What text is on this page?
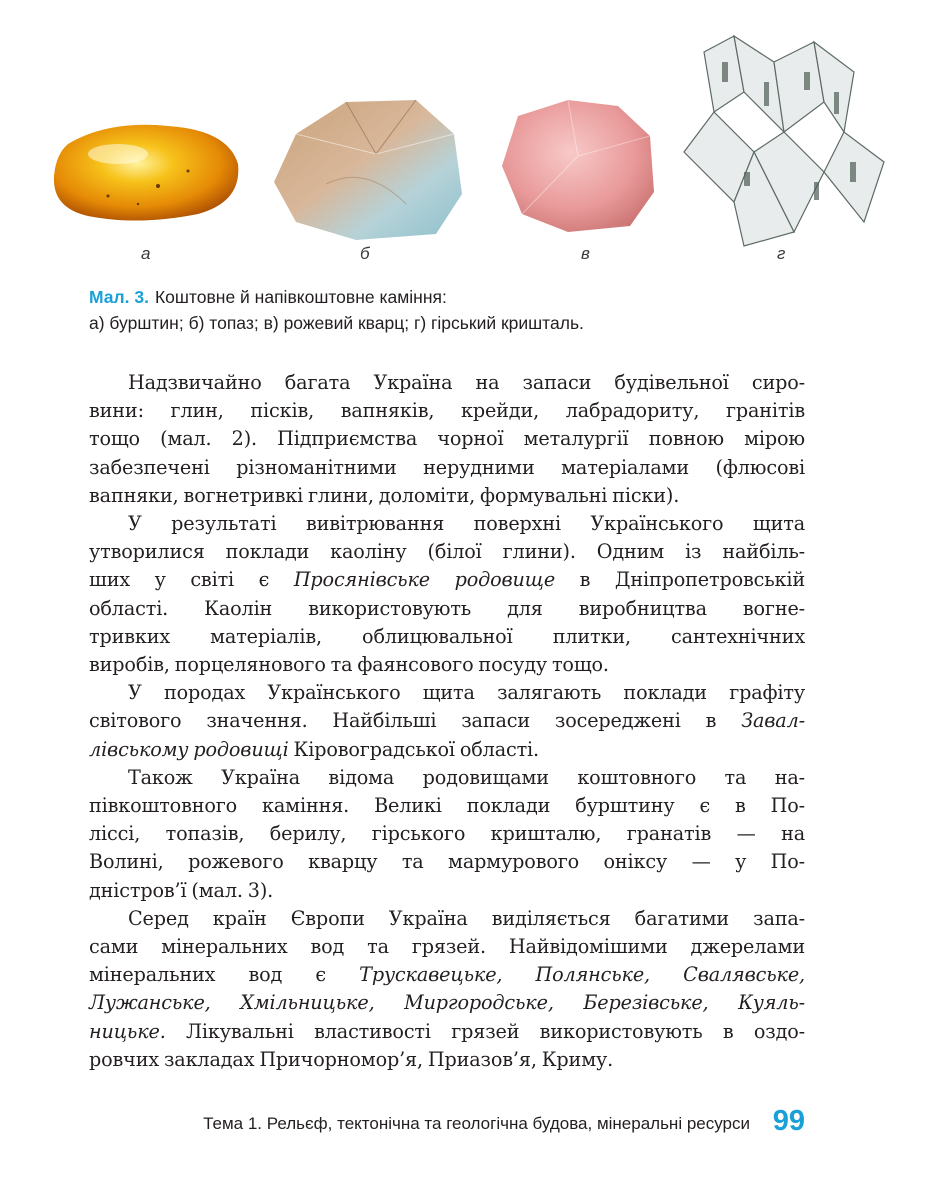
а	б	в	г
Мал. 3. Коштовне й напівкоштовне каміння:
а) бурштин; б) топаз; в) рожевий кварц; г) гірський кришталь.

Надзвичайно багата Україна на запаси будівельної сиро-
вини: глин, пісків, вапняків, крейди, лабрадориту, гранітів
тощо (мал. 2). Підприємства чорної металургії повною мірою
забезпечені різноманітними нерудними матеріалами (флюсові
вапняки, вогнетривкі глини, доломіти, формувальні піски).

У результаті вивітрювання поверхні Українського щита
утворилися поклади каоліну (білої глини). Одним із найбіль-
ших у світі є Просянівське родовище в Дніпропетровській
області. Каолін використовують для виробництва вогне-
тривких матеріалів, облицювальної плитки, сантехнічних
виробів, порцелянового та фаянсового посуду тощо.

У породах Українського щита залягають поклади графіту
світового значення. Найбільші запаси зосереджені в Завал-
лівському родовищі Кіровоградської області.

Також Україна відома родовищами коштовного та на-
півкоштовного каміння. Великі поклади бурштину є в По-
ліссі, топазів, берилу, гірського кришталю, гранатів — на
Волині, рожевого кварцу та мармурового оніксу — у По-
дністров’ї (мал. 3).

Серед країн Європи Україна виділяється багатими запа-
сами мінеральних вод та грязей. Найвідомішими джерелами
мінеральних вод є Трускавецьке, Полянське, Свалявське,
Лужанське, Хмільницьке, Миргородське, Березівське, Куяль-
ницьке. Лікувальні властивості грязей використовують в оздо-
ровчих закладах Причорномор’я, Приазов’я, Криму.

Тема 1. Рельєф, тектонічна та геологічна будова, мінеральні ресурси 99
